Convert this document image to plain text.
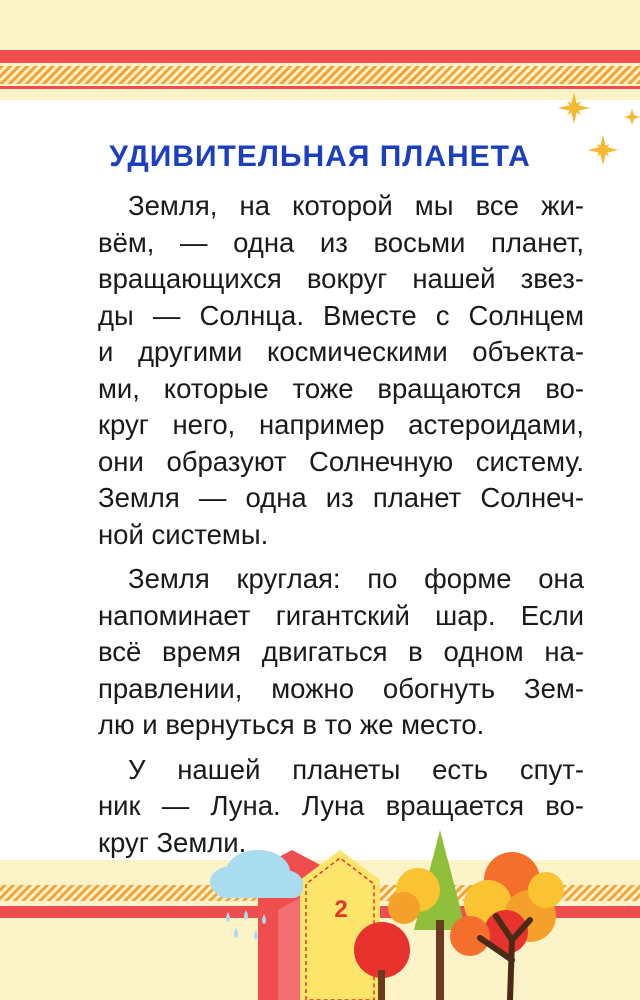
УДИВИТЕЛЬНАЯ ПЛАНЕТА
Земля, на которой мы все жи-
вём, — одна из восьми планет,
вращающихся вокруг нашей звез-
ды — Солнца. Вместе с Солнцем
и другими космическими объекта-
ми, которые тоже вращаются во-
круг него, например астероидами,
они образуют Солнечную систему.
Земля — одна из планет Солнеч-
ной системы.
Земля круглая: по форме она
напоминает гигантский шар. Если
всё время двигаться в одном на-
правлении, можно обогнуть Зем-
лю и вернуться в то же место.
У нашей планеты есть спут-
ник — Луна. Луна вращается во-
круг Земли.
2
